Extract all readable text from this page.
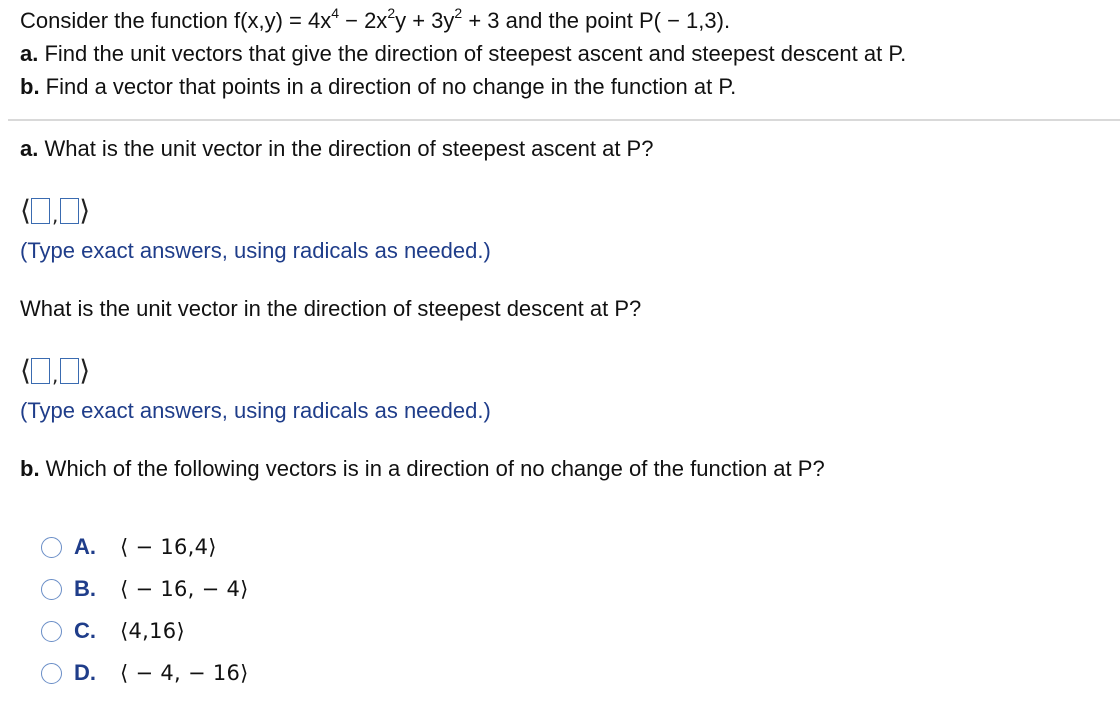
Consider the function $f(x,y) = 4x^4 - 2x^2y + 3y^2 + 3$ and the point P( − 1,3).
a. Find the unit vectors that give the direction of steepest ascent and steepest descent at P.
b. Find a vector that points in a direction of no change in the function at P.
a. What is the unit vector in the direction of steepest ascent at P?
⟨ , ⟩
(Type exact answers, using radicals as needed.)
What is the unit vector in the direction of steepest descent at P?
⟨ , ⟩
(Type exact answers, using radicals as needed.)
b. Which of the following vectors is in a direction of no change of the function at P?
A.	⟨ − 16,4⟩
B.	⟨ − 16, − 4⟩
C.	⟨4,16⟩
D.	⟨ − 4, − 16⟩
